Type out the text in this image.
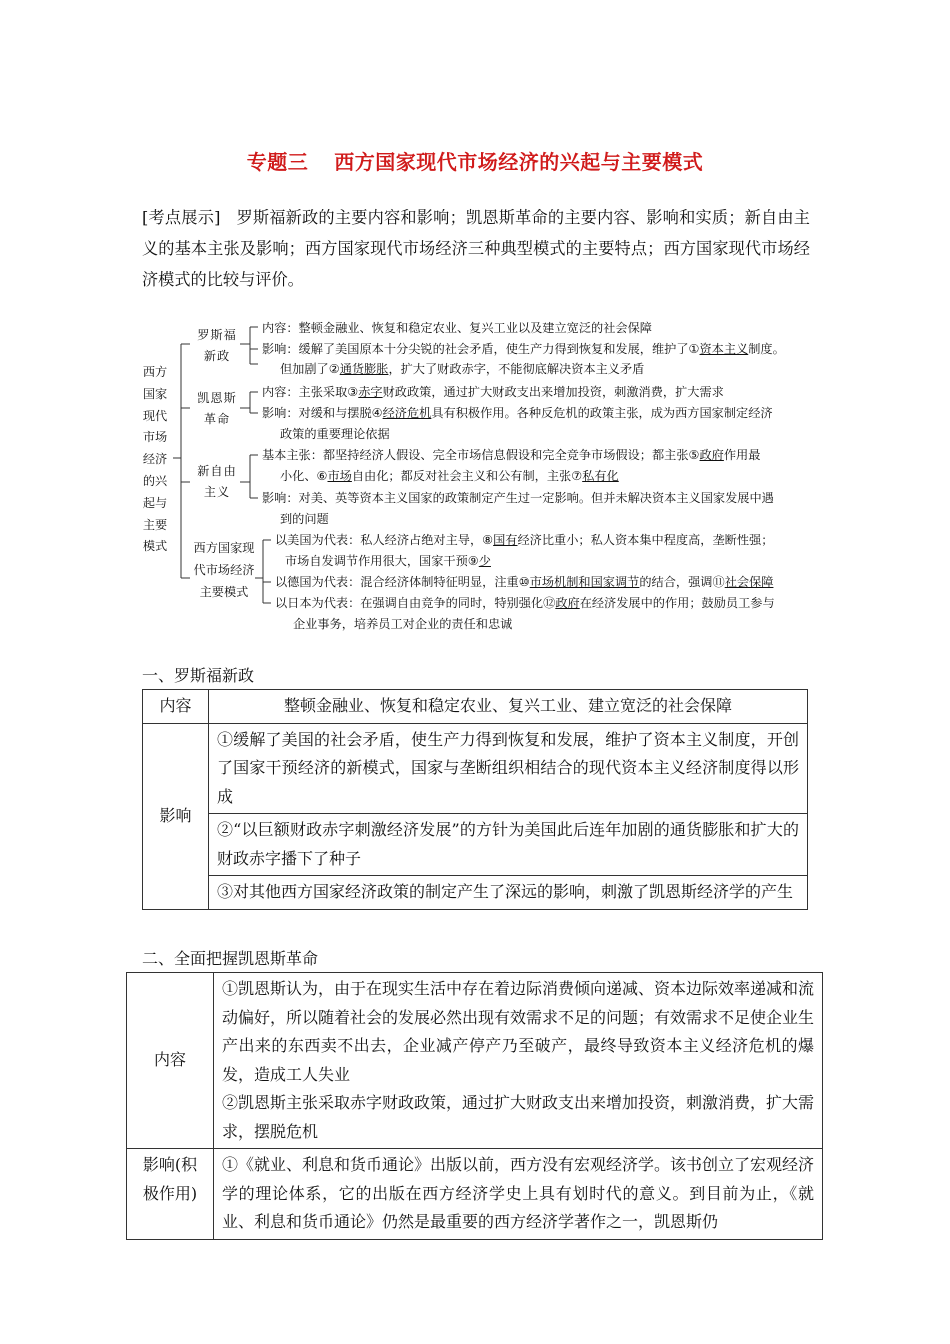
专题三 西方国家现代市场经济的兴起与主要模式
[考点展示] 罗斯福新政的主要内容和影响；凯恩斯革命的主要内容、影响和实质；新自由主义的基本主张及影响；西方国家现代市场经济三种典型模式的主要特点；西方国家现代市场经济模式的比较与评价。
西方国家现代市场经济的兴起与主要模式
罗斯福新政
凯恩斯革命
新自由主义
西方国家现代市场经济主要模式
内容：整顿金融业、恢复和稳定农业、复兴工业以及建立宽泛的社会保障
影响：缓解了美国原本十分尖锐的社会矛盾，使生产力得到恢复和发展，维护了①资本主义制度。
但加剧了②通货膨胀，扩大了财政赤字，不能彻底解决资本主义矛盾
内容：主张采取③赤字财政政策，通过扩大财政支出来增加投资，刺激消费，扩大需求
影响：对缓和与摆脱④经济危机具有积极作用。各种反危机的政策主张，成为西方国家制定经济
政策的重要理论依据
基本主张：都坚持经济人假设、完全市场信息假设和完全竞争市场假设；都主张⑤政府作用最
小化、⑥市场自由化；都反对社会主义和公有制，主张⑦私有化
影响：对美、英等资本主义国家的政策制定产生过一定影响。但并未解决资本主义国家发展中遇
到的问题
以美国为代表：私人经济占绝对主导，⑧国有经济比重小；私人资本集中程度高，垄断性强；
市场自发调节作用很大，国家干预⑨少
以德国为代表：混合经济体制特征明显，注重⑩市场机制和国家调节的结合，强调⑪社会保障
以日本为代表：在强调自由竞争的同时，特别强化⑫政府在经济发展中的作用；鼓励员工参与
企业事务，培养员工对企业的责任和忠诚
一、罗斯福新政
内容	整顿金融业、恢复和稳定农业、复兴工业、建立宽泛的社会保障
影响	①缓解了美国的社会矛盾，使生产力得到恢复和发展，维护了资本主义制度，开创了国家干预经济的新模式，国家与垄断组织相结合的现代资本主义经济制度得以形成

	②“以巨额财政赤字刺激经济发展”的方针为美国此后连年加剧的通货膨胀和扩大的财政赤字播下了种子

	③对其他西方国家经济政策的制定产生了深远的影响，刺激了凯恩斯经济学的产生
二、全面把握凯恩斯革命
内容	①凯恩斯认为，由于在现实生活中存在着边际消费倾向递减、资本边际效率递减和流动偏好，所以随着社会的发展必然出现有效需求不足的问题；有效需求不足使企业生产出来的东西卖不出去，企业减产停产乃至破产，最终导致资本主义经济危机的爆发，造成工人失业
②凯恩斯主张采取赤字财政政策，通过扩大财政支出来增加投资，刺激消费，扩大需求，摆脱危机

影响(积极作用)	①《就业、利息和货币通论》出版以前，西方没有宏观经济学。该书创立了宏观经济学的理论体系，它的出版在西方经济学史上具有划时代的意义。到目前为止，《就业、利息和货币通论》仍然是最重要的西方经济学著作之一，凯恩斯仍
